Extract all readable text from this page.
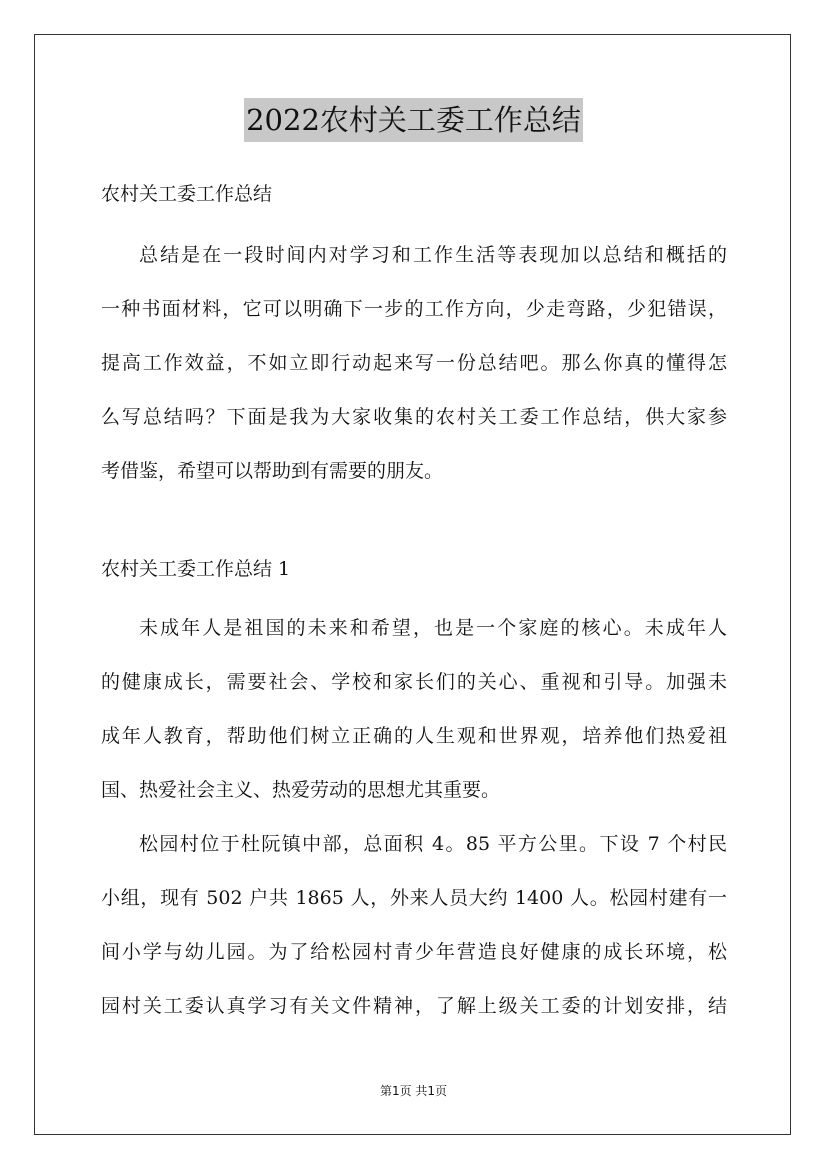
2022农村关工委工作总结

农村关工委工作总结

总结是在一段时间内对学习和工作生活等表现加以总结和概括的
一种书面材料，它可以明确下一步的工作方向，少走弯路，少犯错误，
提高工作效益，不如立即行动起来写一份总结吧。那么你真的懂得怎
么写总结吗？下面是我为大家收集的农村关工委工作总结，供大家参
考借鉴，希望可以帮助到有需要的朋友。

农村关工委工作总结 1

未成年人是祖国的未来和希望，也是一个家庭的核心。未成年人
的健康成长，需要社会、学校和家长们的关心、重视和引导。加强未
成年人教育，帮助他们树立正确的人生观和世界观，培养他们热爱祖
国、热爱社会主义、热爱劳动的思想尤其重要。

松园村位于杜阮镇中部，总面积 4。85 平方公里。下设 7 个村民
小组，现有 502 户共 1865 人，外来人员大约 1400 人。松园村建有一
间小学与幼儿园。为了给松园村青少年营造良好健康的成长环境，松
园村关工委认真学习有关文件精神，了解上级关工委的计划安排，结

第1页 共1页
